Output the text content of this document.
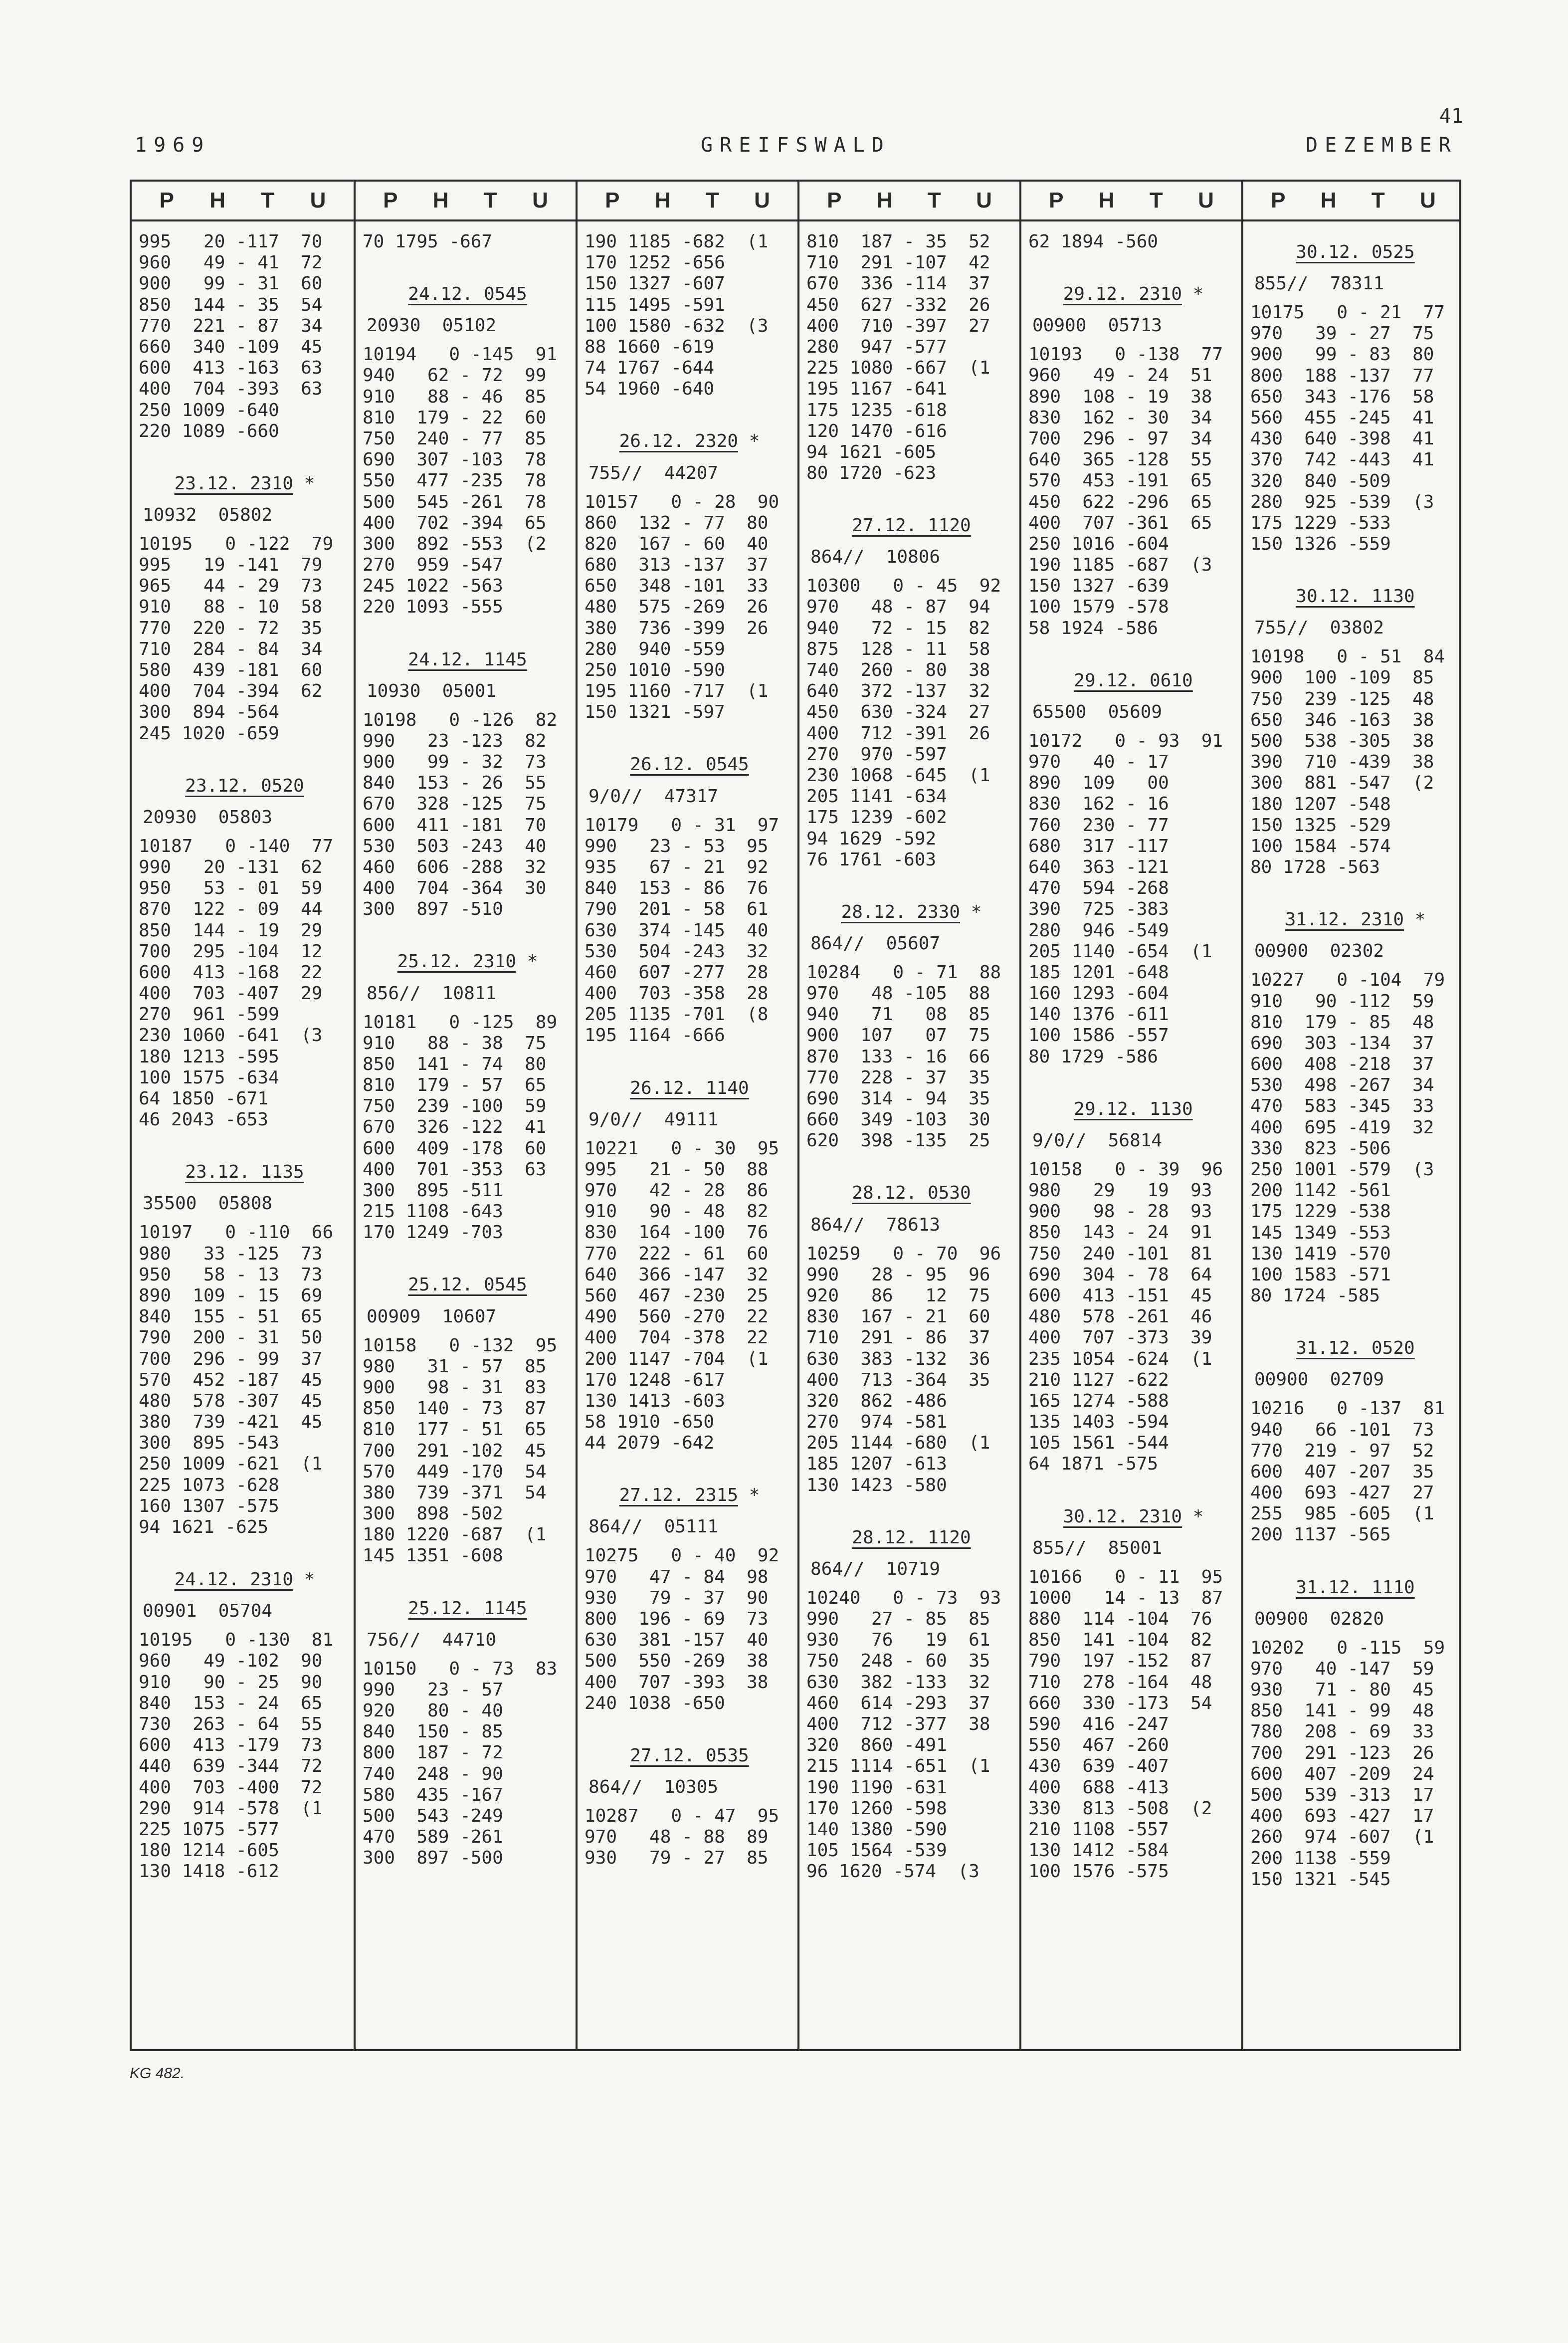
1969	GREIFSWALD	DEZEMBER
41
P H T U
995   20 -117  70
960   49 - 41  72
900   99 - 31  60
850  144 - 35  54
770  221 - 87  34
660  340 -109  45
600  413 -163  63
400  704 -393  63
250 1009 -640
220 1089 -660
23.12. 2310 *
10932  05802
10195   0 -122  79
995   19 -141  79
965   44 - 29  73
910   88 - 10  58
770  220 - 72  35
710  284 - 84  34
580  439 -181  60
400  704 -394  62
300  894 -564
245 1020 -659
23.12. 0520
20930  05803
10187   0 -140  77
990   20 -131  62
950   53 - 01  59
870  122 - 09  44
850  144 - 19  29
700  295 -104  12
600  413 -168  22
400  703 -407  29
270  961 -599
230 1060 -641  (3
180 1213 -595
100 1575 -634
64 1850 -671
46 2043 -653
23.12. 1135
35500  05808
10197   0 -110  66
980   33 -125  73
950   58 - 13  73
890  109 - 15  69
840  155 - 51  65
790  200 - 31  50
700  296 - 99  37
570  452 -187  45
480  578 -307  45
380  739 -421  45
300  895 -543
250 1009 -621  (1
225 1073 -628
160 1307 -575
94 1621 -625
24.12. 2310 *
00901  05704
10195   0 -130  81
960   49 -102  90
910   90 - 25  90
840  153 - 24  65
730  263 - 64  55
600  413 -179  73
440  639 -344  72
400  703 -400  72
290  914 -578  (1
225 1075 -577
180 1214 -605
130 1418 -612
P H T U
70 1795 -667
24.12. 0545
20930  05102
10194   0 -145  91
940   62 - 72  99
910   88 - 46  85
810  179 - 22  60
750  240 - 77  85
690  307 -103  78
550  477 -235  78
500  545 -261  78
400  702 -394  65
300  892 -553  (2
270  959 -547
245 1022 -563
220 1093 -555
24.12. 1145
10930  05001
10198   0 -126  82
990   23 -123  82
900   99 - 32  73
840  153 - 26  55
670  328 -125  75
600  411 -181  70
530  503 -243  40
460  606 -288  32
400  704 -364  30
300  897 -510
25.12. 2310 *
856//  10811
10181   0 -125  89
910   88 - 38  75
850  141 - 74  80
810  179 - 57  65
750  239 -100  59
670  326 -122  41
600  409 -178  60
400  701 -353  63
300  895 -511
215 1108 -643
170 1249 -703
25.12. 0545
00909  10607
10158   0 -132  95
980   31 - 57  85
900   98 - 31  83
850  140 - 73  87
810  177 - 51  65
700  291 -102  45
570  449 -170  54
380  739 -371  54
300  898 -502
180 1220 -687  (1
145 1351 -608
25.12. 1145
756//  44710
10150   0 - 73  83
990   23 - 57
920   80 - 40
840  150 - 85
800  187 - 72
740  248 - 90
580  435 -167
500  543 -249
470  589 -261
300  897 -500
P H T U
190 1185 -682  (1
170 1252 -656
150 1327 -607
115 1495 -591
100 1580 -632  (3
88 1660 -619
74 1767 -644
54 1960 -640
26.12. 2320 *
755//  44207
10157   0 - 28  90
860  132 - 77  80
820  167 - 60  40
680  313 -137  37
650  348 -101  33
480  575 -269  26
380  736 -399  26
280  940 -559
250 1010 -590
195 1160 -717  (1
150 1321 -597
26.12. 0545
9/0//  47317
10179   0 - 31  97
990   23 - 53  95
935   67 - 21  92
840  153 - 86  76
790  201 - 58  61
630  374 -145  40
530  504 -243  32
460  607 -277  28
400  703 -358  28
205 1135 -701  (8
195 1164 -666
26.12. 1140
9/0//  49111
10221   0 - 30  95
995   21 - 50  88
970   42 - 28  86
910   90 - 48  82
830  164 -100  76
770  222 - 61  60
640  366 -147  32
560  467 -230  25
490  560 -270  22
400  704 -378  22
200 1147 -704  (1
170 1248 -617
130 1413 -603
58 1910 -650
44 2079 -642
27.12. 2315 *
864//  05111
10275   0 - 40  92
970   47 - 84  98
930   79 - 37  90
800  196 - 69  73
630  381 -157  40
500  550 -269  38
400  707 -393  38
240 1038 -650
27.12. 0535
864//  10305
10287   0 - 47  95
970   48 - 88  89
930   79 - 27  85
P H T U
810  187 - 35  52
710  291 -107  42
670  336 -114  37
450  627 -332  26
400  710 -397  27
280  947 -577
225 1080 -667  (1
195 1167 -641
175 1235 -618
120 1470 -616
94 1621 -605
80 1720 -623
27.12. 1120
864//  10806
10300   0 - 45  92
970   48 - 87  94
940   72 - 15  82
875  128 - 11  58
740  260 - 80  38
640  372 -137  32
450  630 -324  27
400  712 -391  26
270  970 -597
230 1068 -645  (1
205 1141 -634
175 1239 -602
94 1629 -592
76 1761 -603
28.12. 2330 *
864//  05607
10284   0 - 71  88
970   48 -105  88
940   71   08  85
900  107   07  75
870  133 - 16  66
770  228 - 37  35
690  314 - 94  35
660  349 -103  30
620  398 -135  25
28.12. 0530
864//  78613
10259   0 - 70  96
990   28 - 95  96
920   86   12  75
830  167 - 21  60
710  291 - 86  37
630  383 -132  36
400  713 -364  35
320  862 -486
270  974 -581
205 1144 -680  (1
185 1207 -613
130 1423 -580
28.12. 1120
864//  10719
10240   0 - 73  93
990   27 - 85  85
930   76   19  61
750  248 - 60  35
630  382 -133  32
460  614 -293  37
400  712 -377  38
320  860 -491
215 1114 -651  (1
190 1190 -631
170 1260 -598
140 1380 -590
105 1564 -539
96 1620 -574  (3
P H T U
62 1894 -560
29.12. 2310 *
00900  05713
10193   0 -138  77
960   49 - 24  51
890  108 - 19  38
830  162 - 30  34
700  296 - 97  34
640  365 -128  55
570  453 -191  65
450  622 -296  65
400  707 -361  65
250 1016 -604
190 1185 -687  (3
150 1327 -639
100 1579 -578
58 1924 -586
29.12. 0610
65500  05609
10172   0 - 93  91
970   40 - 17
890  109   00
830  162 - 16
760  230 - 77
680  317 -117
640  363 -121
470  594 -268
390  725 -383
280  946 -549
205 1140 -654  (1
185 1201 -648
160 1293 -604
140 1376 -611
100 1586 -557
80 1729 -586
29.12. 1130
9/0//  56814
10158   0 - 39  96
980   29   19  93
900   98 - 28  93
850  143 - 24  91
750  240 -101  81
690  304 - 78  64
600  413 -151  45
480  578 -261  46
400  707 -373  39
235 1054 -624  (1
210 1127 -622
165 1274 -588
135 1403 -594
105 1561 -544
64 1871 -575
30.12. 2310 *
855//  85001
10166   0 - 11  95
1000   14 - 13  87
880  114 -104  76
850  141 -104  82
790  197 -152  87
710  278 -164  48
660  330 -173  54
590  416 -247
550  467 -260
430  639 -407
400  688 -413
330  813 -508  (2
210 1108 -557
130 1412 -584
100 1576 -575
P H T U
30.12. 0525
855//  78311
10175   0 - 21  77
970   39 - 27  75
900   99 - 83  80
800  188 -137  77
650  343 -176  58
560  455 -245  41
430  640 -398  41
370  742 -443  41
320  840 -509
280  925 -539  (3
175 1229 -533
150 1326 -559
30.12. 1130
755//  03802
10198   0 - 51  84
900  100 -109  85
750  239 -125  48
650  346 -163  38
500  538 -305  38
390  710 -439  38
300  881 -547  (2
180 1207 -548
150 1325 -529
100 1584 -574
80 1728 -563
31.12. 2310 *
00900  02302
10227   0 -104  79
910   90 -112  59
810  179 - 85  48
690  303 -134  37
600  408 -218  37
530  498 -267  34
470  583 -345  33
400  695 -419  32
330  823 -506
250 1001 -579  (3
200 1142 -561
175 1229 -538
145 1349 -553
130 1419 -570
100 1583 -571
80 1724 -585
31.12. 0520
00900  02709
10216   0 -137  81
940   66 -101  73
770  219 - 97  52
600  407 -207  35
400  693 -427  27
255  985 -605  (1
200 1137 -565
31.12. 1110
00900  02820
10202   0 -115  59
970   40 -147  59
930   71 - 80  45
850  141 - 99  48
780  208 - 69  33
700  291 -123  26
600  407 -209  24
500  539 -313  17
400  693 -427  17
260  974 -607  (1
200 1138 -559
150 1321 -545
KG 482.
